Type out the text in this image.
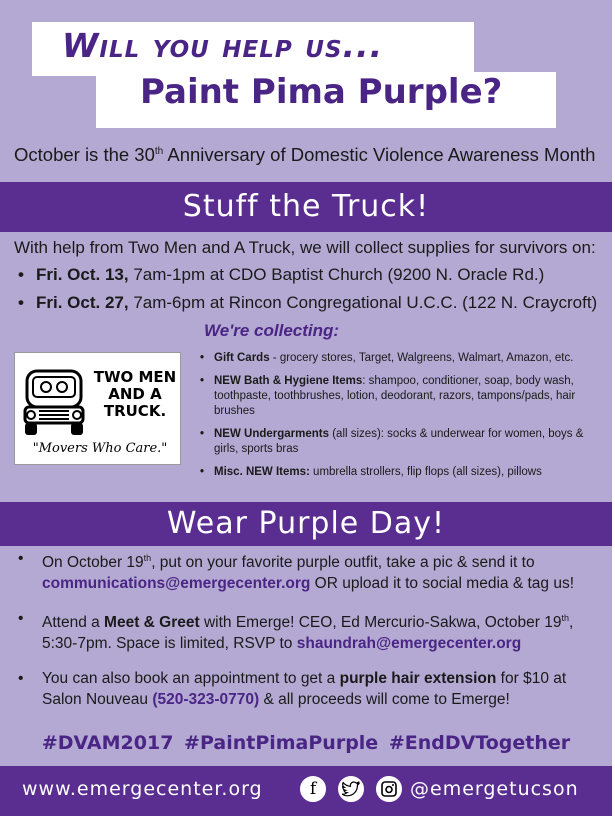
Will you help us...
Paint Pima Purple?
October is the 30th Anniversary of Domestic Violence Awareness Month
Stuff the Truck!
With help from Two Men and A Truck, we will collect supplies for survivors on:
• Fri. Oct. 13, 7am-1pm at CDO Baptist Church (9200 N. Oracle Rd.)
• Fri. Oct. 27, 7am-6pm at Rincon Congregational U.C.C. (122 N. Craycroft)
TWO MEN
AND A
TRUCK.
"Movers Who Care."
We're collecting:
• Gift Cards - grocery stores, Target, Walgreens, Walmart, Amazon, etc.
• NEW Bath & Hygiene Items: shampoo, conditioner, soap, body wash, toothpaste, toothbrushes, lotion, deodorant, razors, tampons/pads, hair brushes
• NEW Undergarments (all sizes): socks & underwear for women, boys & girls, sports bras
• Misc. NEW Items: umbrella strollers, flip flops (all sizes), pillows
Wear Purple Day!
• On October 19th, put on your favorite purple outfit, take a pic & send it to communications@emergecenter.org OR upload it to social media & tag us!
• Attend a Meet & Greet with Emerge! CEO, Ed Mercurio-Sakwa, October 19th, 5:30-7pm. Space is limited, RSVP to shaundrah@emergecenter.org
• You can also book an appointment to get a purple hair extension for $10 at Salon Nouveau (520-323-0770) & all proceeds will come to Emerge!
#DVAM2017 #PaintPimaPurple #EndDVTogether
www.emergecenter.org	f	@emergetucson
